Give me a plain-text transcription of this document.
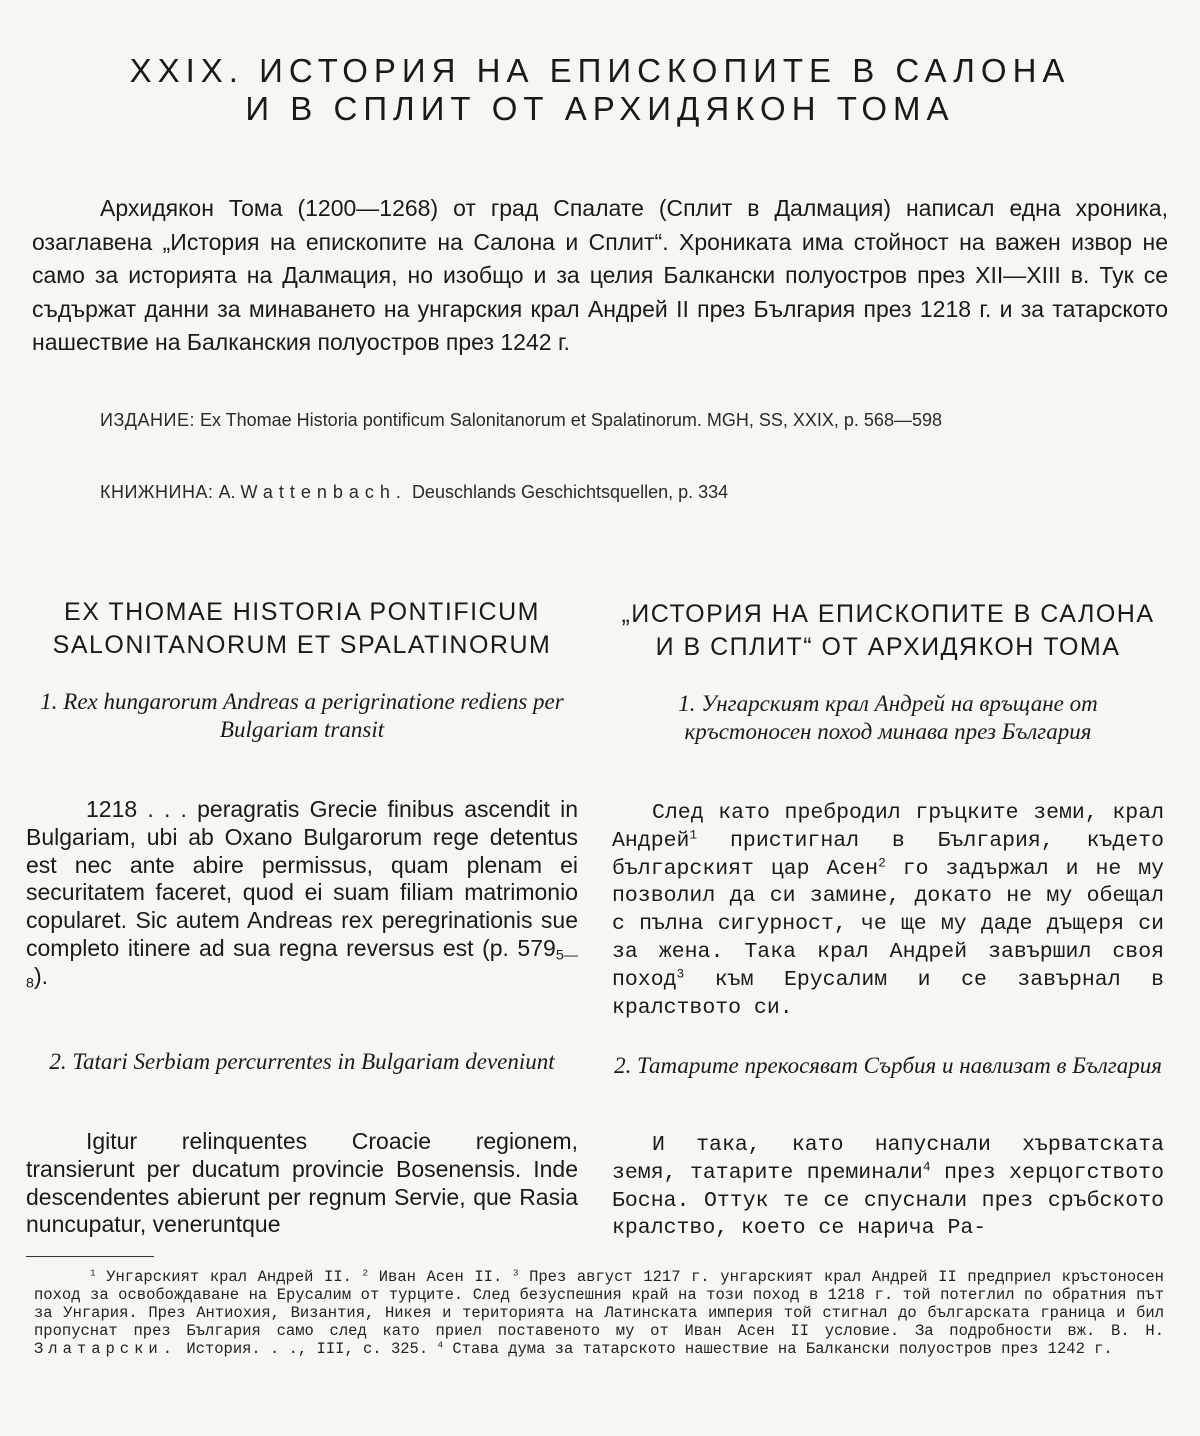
XXIX. ИСТОРИЯ НА ЕПИСКОПИТЕ В САЛОНА
И В СПЛИТ ОТ АРХИДЯКОН ТОМА

Архидякон Тома (1200—1268) от град Спалате (Сплит в Далмация) написал една хроника, озаглавена „История на епископите на Салона и Сплит“. Хрониката има стойност на важен извор не само за историята на Далмация, но изобщо и за целия Балкански полуостров през XII—XIII в. Тук се съдържат данни за минаването на унгарския крал Андрей II през България през 1218 г. и за татарското нашествие на Балканския полуостров през 1242 г.

ИЗДАНИЕ: Ex Thomae Historia pontificum Salonitanorum et Spalatinorum. MGH, SS, XXIX, p. 568—598

КНИЖНИНА: A. Wattenbach. Deuschlands Geschichtsquellen, p. 334

EX THOMAE HISTORIA PONTIFICUM
SALONITANORUM ET SPALATINORUM
1. Rex hungarorum Andreas a perigrinatione rediens per Bulgariam transit

1218 . . . peragratis Grecie finibus ascendit in Bulgariam, ubi ab Oxano Bulgarorum rege detentus est nec ante abire permissus, quam plenam ei securitatem faceret, quod ei suam filiam matrimonio copularet. Sic autem Andreas rex peregrinationis sue completo itinere ad sua regna reversus est (p. $579_{5—8}$).

2. Tatari Serbiam percurrentes in Bulgariam deveniunt

Igitur relinquentes Croacie regionem, transierunt per ducatum provincie Bosenensis. Inde descendentes abierunt per regnum Servie, que Rasia nuncupatur, veneruntque

„ИСТОРИЯ НА ЕПИСКОПИТЕ В САЛОНА
И В СПЛИТ“ ОТ АРХИДЯКОН ТОМА
1. Унгарският крал Андрей на връщане от кръстоносен поход минава през България

След като пребродил гръцките земи, крал Андрей$^1$ пристигнал в България, където българският цар Асен$^2$ го задържал и не му позволил да си замине, докато не му обещал с пълна сигурност, че ще му даде дъщеря си за жена. Така крал Андрей завършил своя поход$^3$ към Ерусалим и се завърнал в кралството си.

2. Татарите прекосяват Сърбия и навлизат в България

И така, като напуснали хърватската земя, татарите преминали$^4$ през херцогството Босна. Оттук те се спуснали през сръбското кралство, което се нарича Ра-

$^1$ Унгарският крал Андрей II. $^2$ Иван Асен II. $^3$ През август 1217 г. унгарският крал Андрей II предприел кръстоносен поход за освобождаване на Ерусалим от турците. След безуспешния край на този поход в 1218 г. той потеглил по обратния път за Унгария. През Антиохия, Византия, Никея и територията на Латинската империя той стигнал до българската граница и бил пропуснат през България само след като приел поставеното му от Иван Асен II условие. За подробности вж. В. Н. Златарски. История. . ., III, с. 325. $^4$ Става дума за татарското нашествие на Балкански полуостров през 1242 г.
